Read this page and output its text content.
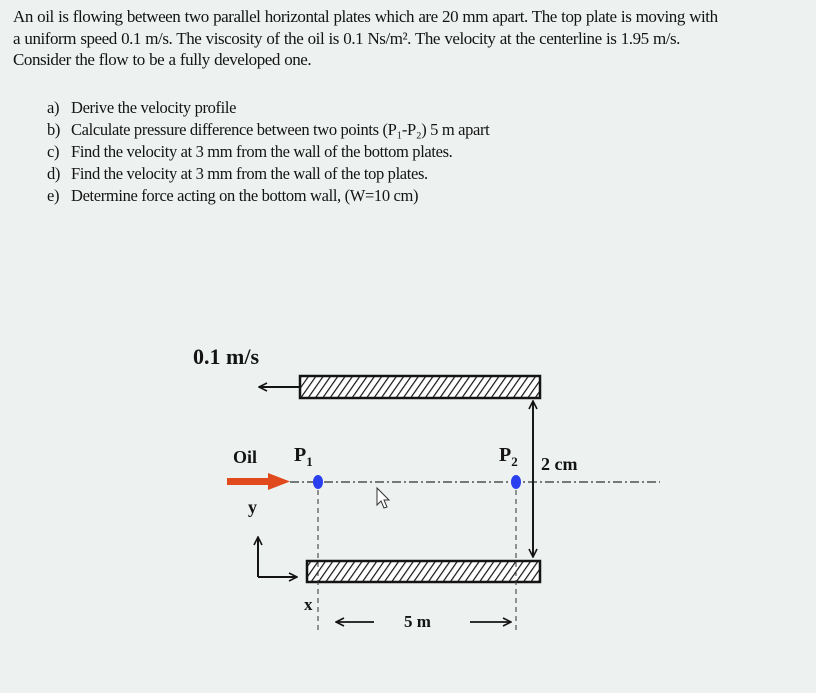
An oil is flowing between two parallel horizontal plates which are 20 mm apart. The top plate is moving with
a uniform speed 0.1 m/s. The viscosity of the oil is 0.1 Ns/m². The velocity at the centerline is 1.95 m/s.
Consider the flow to be a fully developed one.
a) Derive the velocity profile
b) Calculate pressure difference between two points (P₁-P₂) 5 m apart
c) Find the velocity at 3 mm from the wall of the bottom plates.
d) Find the velocity at 3 mm from the wall of the top plates.
e) Determine force acting on the bottom wall, (W=10 cm)
0.1 m/s
2 cm
Oil $P_1$	$P_2$
y
x
5 m
